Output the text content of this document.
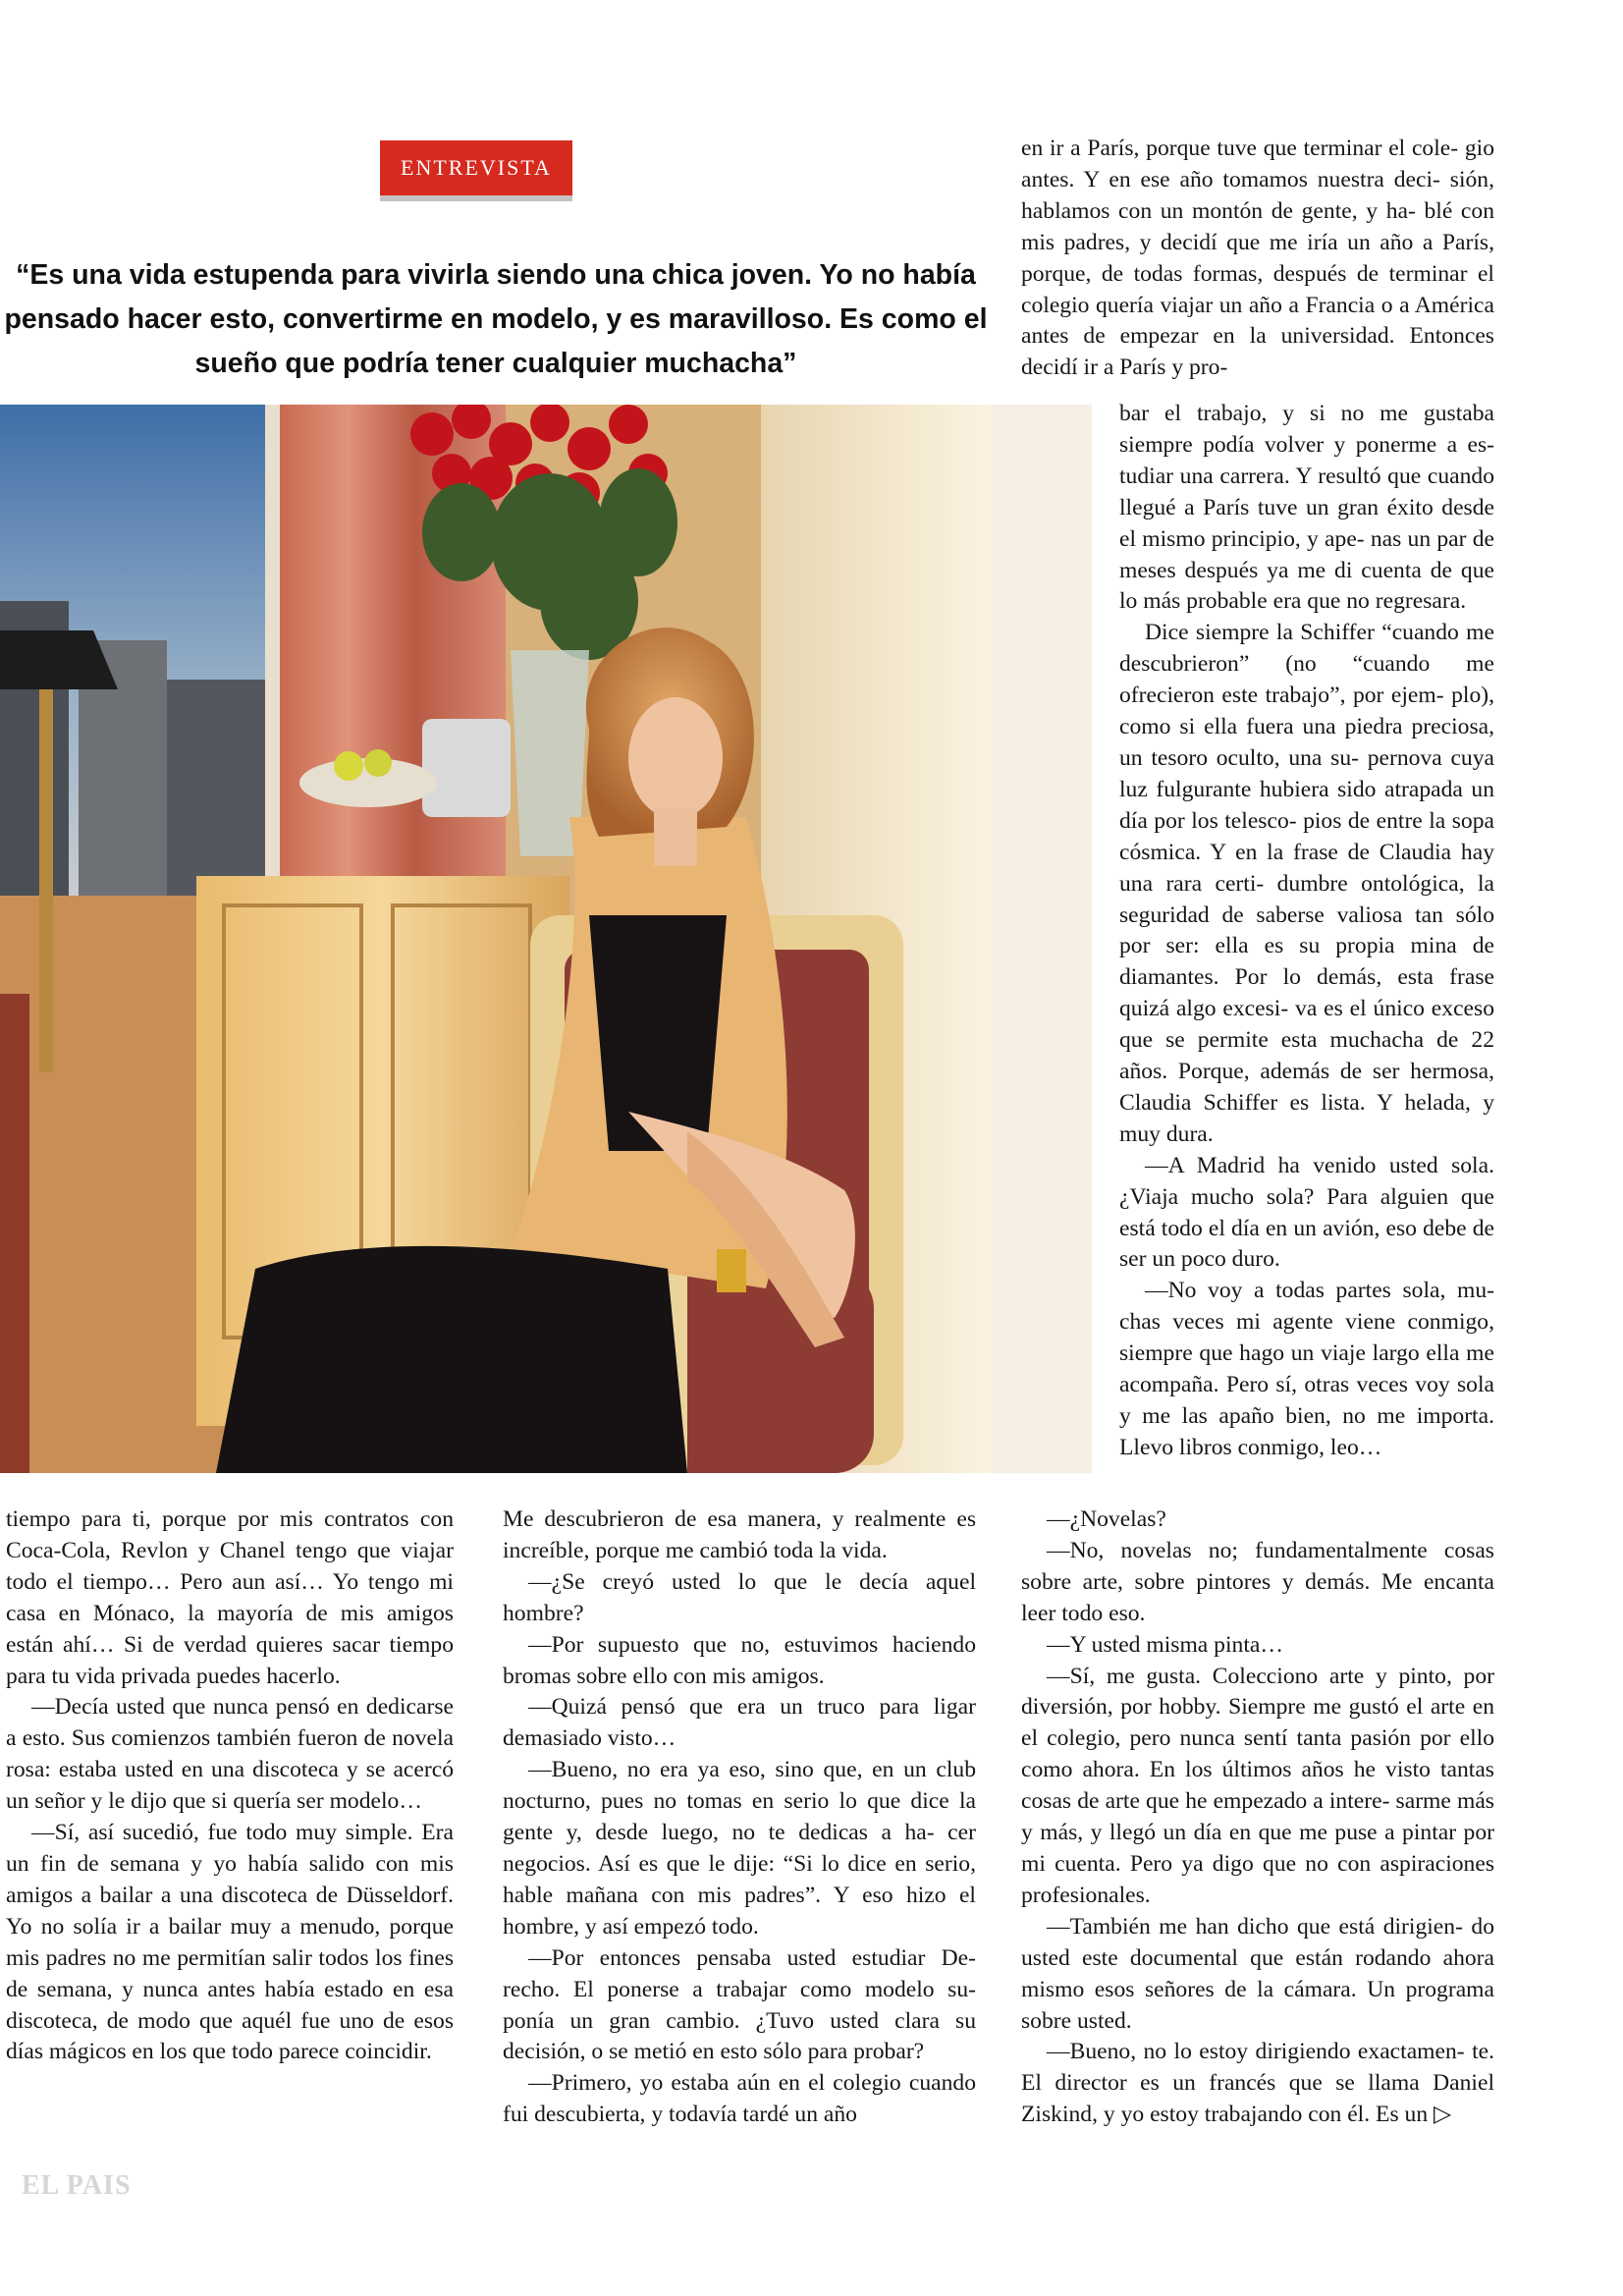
ENTREVISTA
“Es una vida estupenda para vivirla siendo una chica joven. Yo no había
pensado hacer esto, convertirme en modelo, y es maravilloso. Es como el
sueño que podría tener cualquier muchacha”

en ir a París, porque tuve que terminar el cole- gio antes. Y en ese año tomamos nuestra deci- sión, hablamos con un montón de gente, y ha- blé con mis padres, y decidí que me iría un año a París, porque, de todas formas, después de terminar el colegio quería viajar un año a Francia o a América antes de empezar en la universidad. Entonces decidí ir a París y pro-

bar el trabajo, y si no me gustaba siempre podía volver y ponerme a es- tudiar una carrera. Y resultó que cuando llegué a París tuve un gran éxito desde el mismo principio, y ape- nas un par de meses después ya me di cuenta de que lo más probable era que no regresara.

Dice siempre la Schiffer “cuando me descubrieron” (no “cuando me ofrecieron este trabajo”, por ejem- plo), como si ella fuera una piedra preciosa, un tesoro oculto, una su- pernova cuya luz fulgurante hubiera sido atrapada un día por los telesco- pios de entre la sopa cósmica. Y en la frase de Claudia hay una rara certi- dumbre ontológica, la seguridad de saberse valiosa tan sólo por ser: ella es su propia mina de diamantes. Por lo demás, esta frase quizá algo excesi- va es el único exceso que se permite esta muchacha de 22 años. Porque, además de ser hermosa, Claudia Schiffer es lista. Y helada, y muy dura.

—A Madrid ha venido usted sola. ¿Viaja mucho sola? Para alguien que está todo el día en un avión, eso debe de ser un poco duro.

—No voy a todas partes sola, mu- chas veces mi agente viene conmigo, siempre que hago un viaje largo ella me acompaña. Pero sí, otras veces voy sola y me las apaño bien, no me importa. Llevo libros conmigo, leo…

—¿Novelas?

—No, novelas no; fundamentalmente cosas sobre arte, sobre pintores y demás. Me encanta leer todo eso.

—Y usted misma pinta…

—Sí, me gusta. Colecciono arte y pinto, por diversión, por hobby. Siempre me gustó el arte en el colegio, pero nunca sentí tanta pasión por ello como ahora. En los últimos años he visto tantas cosas de arte que he empezado a intere- sarme más y más, y llegó un día en que me puse a pintar por mi cuenta. Pero ya digo que no con aspiraciones profesionales.

—También me han dicho que está dirigien- do usted este documental que están rodando ahora mismo esos señores de la cámara. Un programa sobre usted.

—Bueno, no lo estoy dirigiendo exactamen- te. El director es un francés que se llama Daniel Ziskind, y yo estoy trabajando con él. Es un ▷

tiempo para ti, porque por mis contratos con Coca-Cola, Revlon y Chanel tengo que viajar todo el tiempo… Pero aun así… Yo tengo mi casa en Mónaco, la mayoría de mis amigos están ahí… Si de verdad quieres sacar tiempo para tu vida privada puedes hacerlo.

—Decía usted que nunca pensó en dedicarse a esto. Sus comienzos también fueron de novela rosa: estaba usted en una discoteca y se acercó un señor y le dijo que si quería ser modelo…

—Sí, así sucedió, fue todo muy simple. Era un fin de semana y yo había salido con mis amigos a bailar a una discoteca de Düsseldorf. Yo no solía ir a bailar muy a menudo, porque mis padres no me permitían salir todos los fines de semana, y nunca antes había estado en esa discoteca, de modo que aquél fue uno de esos días mágicos en los que todo parece coincidir.

Me descubrieron de esa manera, y realmente es increíble, porque me cambió toda la vida.

—¿Se creyó usted lo que le decía aquel hombre?

—Por supuesto que no, estuvimos haciendo bromas sobre ello con mis amigos.

—Quizá pensó que era un truco para ligar demasiado visto…

—Bueno, no era ya eso, sino que, en un club nocturno, pues no tomas en serio lo que dice la gente y, desde luego, no te dedicas a ha- cer negocios. Así es que le dije: “Si lo dice en serio, hable mañana con mis padres”. Y eso hizo el hombre, y así empezó todo.

—Por entonces pensaba usted estudiar De- recho. El ponerse a trabajar como modelo su- ponía un gran cambio. ¿Tuvo usted clara su decisión, o se metió en esto sólo para probar?

—Primero, yo estaba aún en el colegio cuando fui descubierta, y todavía tardé un año

EL PAIS
